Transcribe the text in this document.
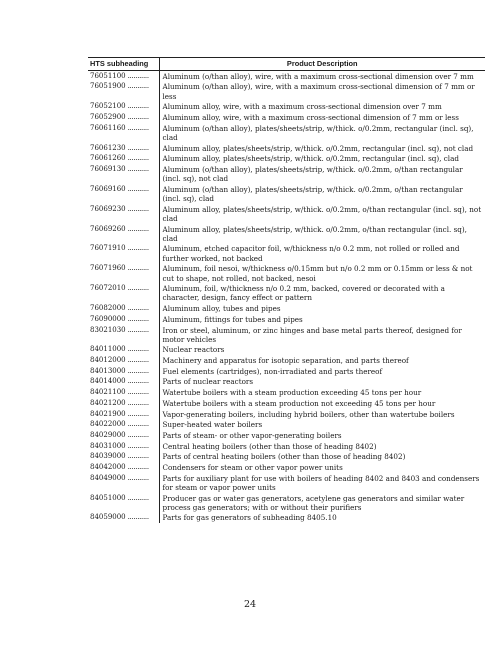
HTS subheading	Product Description
76051100 ...........	Aluminum (o/than alloy), wire, with a maximum cross-sectional dimension over 7 mm
76051900 ...........	Aluminum (o/than alloy), wire, with a maximum cross-sectional dimension of 7 mm or less
76052100 ...........	Aluminum alloy, wire, with a maximum cross-sectional dimension over 7 mm
76052900 ...........	Aluminum alloy, wire, with a maximum cross-sectional dimension of 7 mm or less
76061160 ...........	Aluminum (o/than alloy), plates/sheets/strip, w/thick. o/0.2mm, rectangular (incl. sq), clad
76061230 ...........	Aluminum alloy, plates/sheets/strip, w/thick. o/0.2mm, rectangular (incl. sq), not clad
76061260 ...........	Aluminum alloy, plates/sheets/strip, w/thick. o/0.2mm, rectangular (incl. sq), clad
76069130 ...........	Aluminum (o/than alloy), plates/sheets/strip, w/thick. o/0.2mm, o/than rectangular (incl. sq), not clad
76069160 ...........	Aluminum (o/than alloy), plates/sheets/strip, w/thick. o/0.2mm, o/than rectangular (incl. sq), clad
76069230 ...........	Aluminum alloy, plates/sheets/strip, w/thick. o/0.2mm, o/than rectangular (incl. sq), not clad
76069260 ...........	Aluminum alloy, plates/sheets/strip, w/thick. o/0.2mm, o/than rectangular (incl. sq), clad
76071910 ...........	Aluminum, etched capacitor foil, w/thickness n/o 0.2 mm, not rolled or rolled and further worked, not backed
76071960 ...........	Aluminum, foil nesoi, w/thickness o/0.15mm but n/o 0.2 mm or 0.15mm or less & not cut to shape, not rolled, not backed, nesoi
76072010 ...........	Aluminum, foil, w/thickness n/o 0.2 mm, backed, covered or decorated with a character, design, fancy effect or pattern
76082000 ...........	Aluminum alloy, tubes and pipes
76090000 ...........	Aluminum, fittings for tubes and pipes
83021030 ...........	Iron or steel, aluminum, or zinc hinges and base metal parts thereof, designed for motor vehicles
84011000 ...........	Nuclear reactors
84012000 ...........	Machinery and apparatus for isotopic separation, and parts thereof
84013000 ...........	Fuel elements (cartridges), non-irradiated and parts thereof
84014000 ...........	Parts of nuclear reactors
84021100 ...........	Watertube boilers with a steam production exceeding 45 tons per hour
84021200 ...........	Watertube boilers with a steam production not exceeding 45 tons per hour
84021900 ...........	Vapor-generating boilers, including hybrid boilers, other than watertube boilers
84022000 ...........	Super-heated water boilers
84029000 ...........	Parts of steam- or other vapor-generating boilers
84031000 ...........	Central heating boilers (other than those of heading 8402)
84039000 ...........	Parts of central heating boilers (other than those of heading 8402)
84042000 ...........	Condensers for steam or other vapor power units
84049000 ...........	Parts for auxiliary plant for use with boilers of heading 8402 and 8403 and condensers for steam or vapor power units
84051000 ...........	Producer gas or water gas generators, acetylene gas generators and similar water process gas generators; with or without their purifiers
84059000 ...........	Parts for gas generators of subheading 8405.10
24
